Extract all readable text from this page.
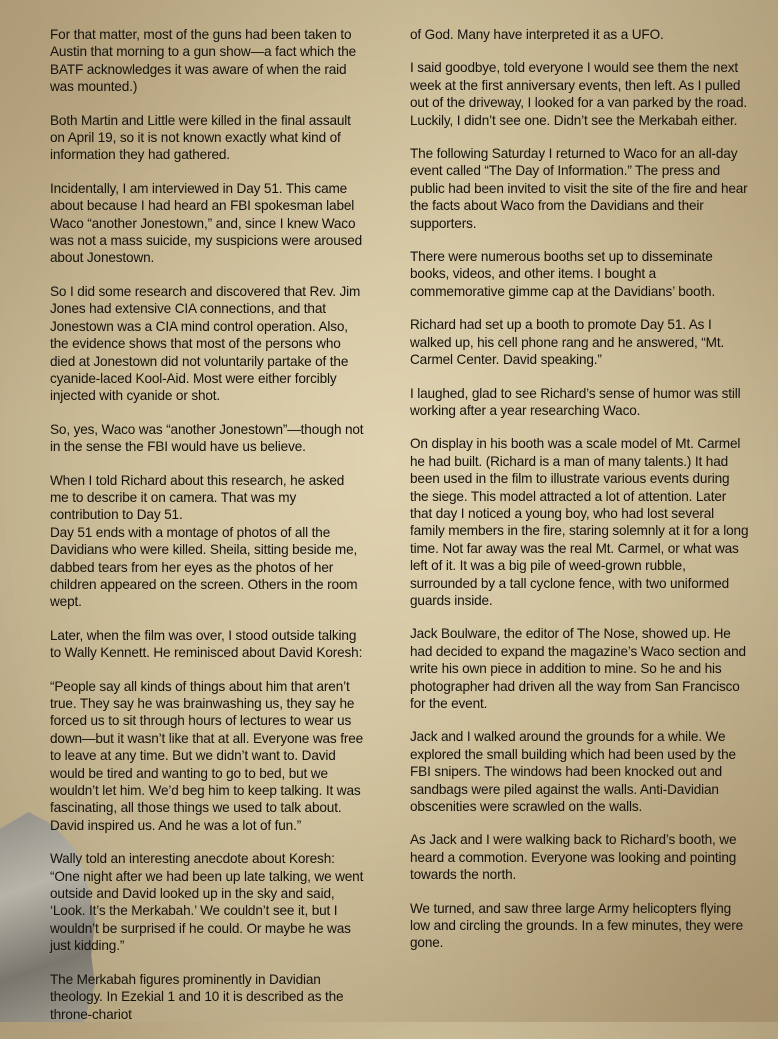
For that matter, most of the guns had been taken to Austin that morning to a gun show—a fact which the BATF acknowledges it was aware of when the raid was mounted.)

Both Martin and Little were killed in the final assault on April 19, so it is not known exactly what kind of information they had gathered.

Incidentally, I am interviewed in Day 51. This came about because I had heard an FBI spokesman label Waco “another Jonestown,” and, since I knew Waco was not a mass suicide, my suspicions were aroused about Jonestown.

So I did some research and discovered that Rev. Jim Jones had extensive CIA connections, and that Jonestown was a CIA mind control operation. Also, the evidence shows that most of the persons who died at Jonestown did not voluntarily partake of the cyanide-laced Kool-Aid. Most were either forcibly injected with cyanide or shot.

So, yes, Waco was “another Jonestown”—though not in the sense the FBI would have us believe.

When I told Richard about this research, he asked me to describe it on camera. That was my contribution to Day 51.

Day 51 ends with a montage of photos of all the Davidians who were killed. Sheila, sitting beside me, dabbed tears from her eyes as the photos of her children appeared on the screen. Others in the room wept.

Later, when the film was over, I stood outside talking to Wally Kennett. He reminisced about David Koresh:

“People say all kinds of things about him that aren’t true. They say he was brainwashing us, they say he forced us to sit through hours of lectures to wear us down—but it wasn’t like that at all. Everyone was free to leave at any time. But we didn’t want to. David would be tired and wanting to go to bed, but we wouldn’t let him. We’d beg him to keep talking. It was fascinating, all those things we used to talk about. David inspired us. And he was a lot of fun.”

Wally told an interesting anecdote about Koresh: “One night after we had been up late talking, we went outside and David looked up in the sky and said, ‘Look. It’s the Merkabah.’ We couldn’t see it, but I wouldn’t be surprised if he could. Or maybe he was just kidding.”

The Merkabah figures prominently in Davidian theology. In Ezekial 1 and 10 it is described as the throne-chariot

of God. Many have interpreted it as a UFO.

I said goodbye, told everyone I would see them the next week at the first anniversary events, then left. As I pulled out of the driveway, I looked for a van parked by the road. Luckily, I didn’t see one. Didn’t see the Merkabah either.

The following Saturday I returned to Waco for an all-day event called “The Day of Information.” The press and public had been invited to visit the site of the fire and hear the facts about Waco from the Davidians and their supporters.

There were numerous booths set up to disseminate books, videos, and other items. I bought a commemorative gimme cap at the Davidians’ booth.

Richard had set up a booth to promote Day 51. As I walked up, his cell phone rang and he answered, “Mt. Carmel Center. David speaking.”

I laughed, glad to see Richard’s sense of humor was still working after a year researching Waco.

On display in his booth was a scale model of Mt. Carmel he had built. (Richard is a man of many talents.) It had been used in the film to illustrate various events during the siege. This model attracted a lot of attention. Later that day I noticed a young boy, who had lost several family members in the fire, staring solemnly at it for a long time. Not far away was the real Mt. Carmel, or what was left of it. It was a big pile of weed-grown rubble, surrounded by a tall cyclone fence, with two uniformed guards inside.

Jack Boulware, the editor of The Nose, showed up. He had decided to expand the magazine’s Waco section and write his own piece in addition to mine. So he and his photographer had driven all the way from San Francisco for the event.

Jack and I walked around the grounds for a while. We explored the small building which had been used by the FBI snipers. The windows had been knocked out and sandbags were piled against the walls. Anti-Davidian obscenities were scrawled on the walls.

As Jack and I were walking back to Richard’s booth, we heard a commotion. Everyone was looking and pointing towards the north.

We turned, and saw three large Army helicopters flying low and circling the grounds. In a few minutes, they were gone.
